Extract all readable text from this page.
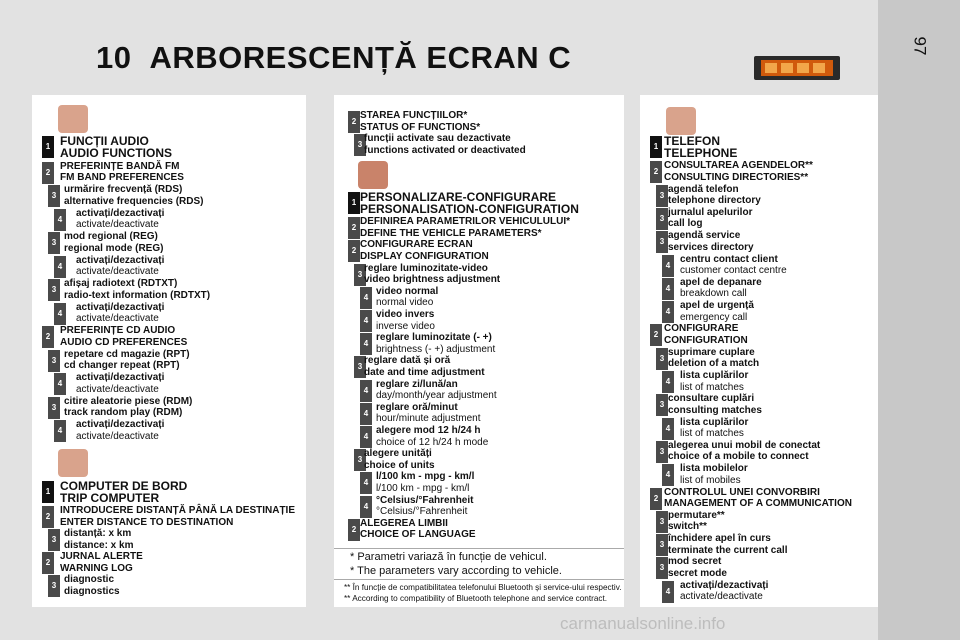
97
10 ARBORESCENȚĂ ECRAN C
1 FUNCȚII AUDIO
AUDIO FUNCTIONS
2
PREFERINȚE BANDĂ FM
FM BAND PREFERENCES
3
urmărire frecvență (RDS)
alternative frequencies (RDS)
4
activați/dezactivați
activate/deactivate
3
mod regional (REG)
regional mode (REG)
4
activați/dezactivați
activate/deactivate
3
afișaj radiotext (RDTXT)
radio-text information (RDTXT)
4
activați/dezactivați
activate/deactivate
2
PREFERINȚE CD AUDIO
AUDIO CD PREFERENCES
3
repetare cd magazie (RPT)
cd changer repeat (RPT)
4
activați/dezactivați
activate/deactivate
3
citire aleatorie piese (RDM)
track random play (RDM)
4
activați/dezactivați
activate/deactivate
1 COMPUTER DE BORD
TRIP COMPUTER
2
INTRODUCERE DISTANȚĂ PÂNĂ LA DESTINAȚIE
ENTER DISTANCE TO DESTINATION
3
distanță: x km
distance: x km
2
JURNAL ALERTE
WARNING LOG
3
diagnostic
diagnostics
2
STAREA FUNCȚIILOR*
STATUS OF FUNCTIONS*
3
funcții activate sau dezactivate
functions activated or deactivated
1 PERSONALIZARE-CONFIGURARE
PERSONALISATION-CONFIGURATION
2
DEFINIREA PARAMETRILOR VEHICULULUI*
DEFINE THE VEHICLE PARAMETERS*
2
CONFIGURARE ECRAN
DISPLAY CONFIGURATION
3
reglare luminozitate-video
video brightness adjustment
4
video normal
normal video
4
video invers
inverse video
4
reglare luminozitate (- +)
brightness (- +) adjustment
3
reglare dată și oră
date and time adjustment
4
reglare zi/lună/an
day/month/year adjustment
4
reglare oră/minut
hour/minute adjustment
4
alegere mod 12 h/24 h
choice of 12 h/24 h mode
3
alegere unități
choice of units
4
l/100 km - mpg - km/l
l/100 km - mpg - km/l
4
°Celsius/°Fahrenheit
°Celsius/°Fahrenheit
2
ALEGEREA LIMBII
CHOICE OF LANGUAGE
* Parametri variază în funcție de vehicul.
* The parameters vary according to vehicle.
** În funcție de compatibilitatea telefonului Bluetooth și service-ului respectiv.
** According to compatibility of Bluetooth telephone and service contract.
1 TELEFON
TELEPHONE
2
CONSULTAREA AGENDELOR**
CONSULTING DIRECTORIES**
3
agendă telefon
telephone directory
3
jurnalul apelurilor
call log
3
agendă service
services directory
4
centru contact client
customer contact centre
4
apel de depanare
breakdown call
4
apel de urgență
emergency call
2
CONFIGURARE
CONFIGURATION
3
suprimare cuplare
deletion of a match
4
lista cuplărilor
list of matches
3
consultare cuplări
consulting matches
4
lista cuplărilor
list of matches
3
alegerea unui mobil de conectat
choice of a mobile to connect
4
lista mobilelor
list of mobiles
2
CONTROLUL UNEI CONVORBIRI
MANAGEMENT OF A COMMUNICATION
3
permutare**
switch**
3
închidere apel în curs
terminate the current call
3
mod secret
secret mode
4
activați/dezactivați
activate/deactivate
carmanualsonline.info
